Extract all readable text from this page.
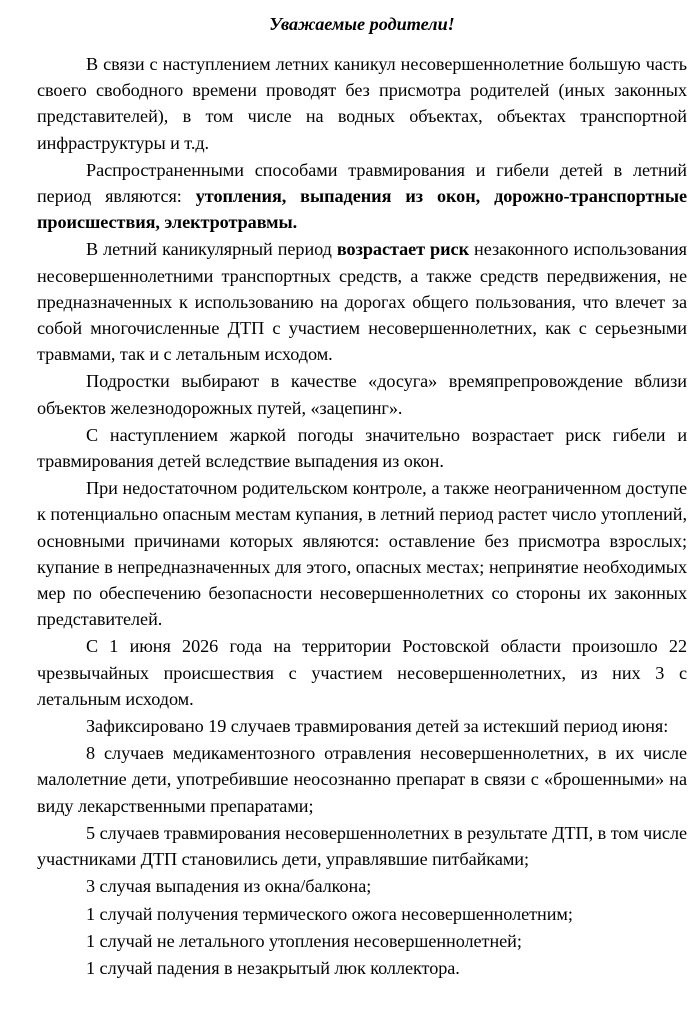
Уважаемые родители!

В связи с наступлением летних каникул несовершеннолетние большую часть своего свободного времени проводят без присмотра родителей (иных законных представителей), в том числе на водных объектах, объектах транспортной инфраструктуры и т.д.

Распространенными способами травмирования и гибели детей в летний период являются: утопления, выпадения из окон, дорожно-транспортные происшествия, электротравмы.

В летний каникулярный период возрастает риск незаконного использования несовершеннолетними транспортных средств, а также средств передвижения, не предназначенных к использованию на дорогах общего пользования, что влечет за собой многочисленные ДТП с участием несовершеннолетних, как с серьезными травмами, так и с летальным исходом.

Подростки выбирают в качестве «досуга» времяпрепровождение вблизи объектов железнодорожных путей, «зацепинг».

С наступлением жаркой погоды значительно возрастает риск гибели и травмирования детей вследствие выпадения из окон.

При недостаточном родительском контроле, а также неограниченном доступе к потенциально опасным местам купания, в летний период растет число утоплений, основными причинами которых являются: оставление без присмотра взрослых; купание в непредназначенных для этого, опасных местах; непринятие необходимых мер по обеспечению безопасности несовершеннолетних со стороны их законных представителей.

С 1 июня 2026 года на территории Ростовской области произошло 22 чрезвычайных происшествия с участием несовершеннолетних, из них 3 с летальным исходом.

Зафиксировано 19 случаев травмирования детей за истекший период июня:

8 случаев медикаментозного отравления несовершеннолетних, в их числе малолетние дети, употребившие неосознанно препарат в связи с «брошенными» на виду лекарственными препаратами;

5 случаев травмирования несовершеннолетних в результате ДТП, в том числе участниками ДТП становились дети, управлявшие питбайками;

3 случая выпадения из окна/балкона;

1 случай получения термического ожога несовершеннолетним;

1 случай не летального утопления несовершеннолетней;

1 случай падения в незакрытый люк коллектора.
